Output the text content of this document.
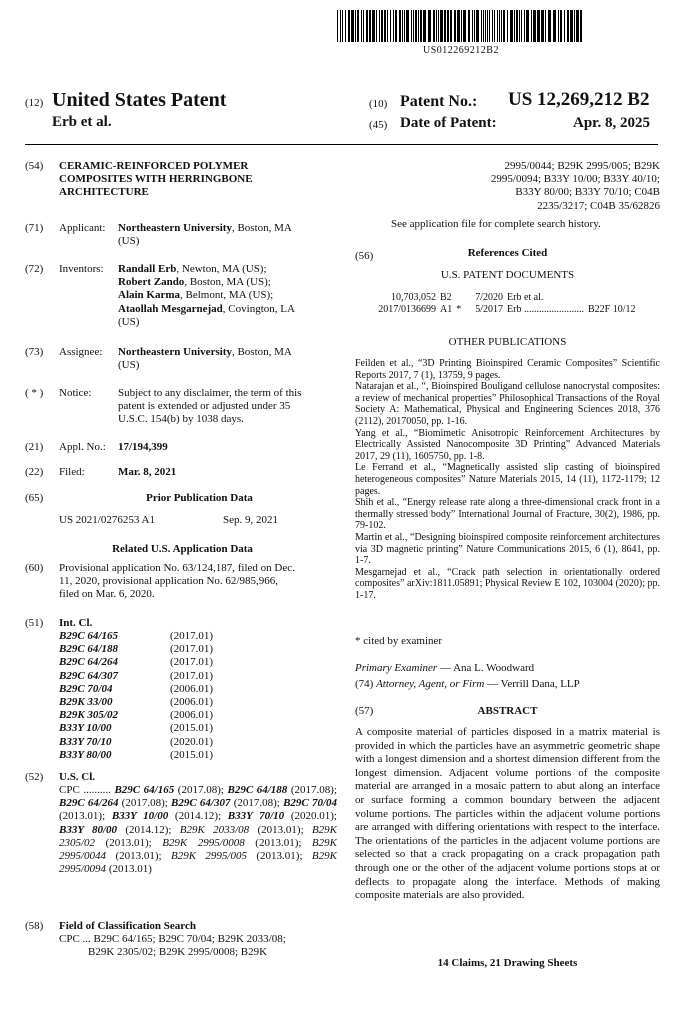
US012269212B2
(12) United States Patent
Erb et al.
(10) Patent No.: US 12,269,212 B2
(45) Date of Patent:	Apr. 8, 2025
(54) CERAMIC-REINFORCED POLYMER
COMPOSITES WITH HERRINGBONE
ARCHITECTURE
(71) Applicant: Northeastern University, Boston, MA
(US)
(72) Inventors: Randall Erb, Newton, MA (US);
Robert Zando, Boston, MA (US);
Alain Karma, Belmont, MA (US);
Ataollah Mesgarnejad, Covington, LA
(US)
(73) Assignee: Northeastern University, Boston, MA
(US)
( * ) Notice: Subject to any disclaimer, the term of this
patent is extended or adjusted under 35
U.S.C. 154(b) by 1038 days.
(21) Appl. No.: 17/194,399
(22) Filed:	Mar. 8, 2021
(65)	Prior Publication Data
US 2021/0276253 A1	Sep. 9, 2021
Related U.S. Application Data
(60) Provisional application No. 63/124,187, filed on Dec.
11, 2020, provisional application No. 62/985,966,
filed on Mar. 6, 2020.
(51) Int. Cl.
B29C 64/165	(2017.01)
B29C 64/188	(2017.01)
B29C 64/264	(2017.01)
B29C 64/307	(2017.01)
B29C 70/04	(2006.01)
B29K 33/00	(2006.01)
B29K 305/02	(2006.01)
B33Y 10/00	(2015.01)
B33Y 70/10	(2020.01)
B33Y 80/00	(2015.01)
(52) U.S. Cl.
CPC .......... B29C 64/165 (2017.08); B29C 64/188 (2017.08); B29C 64/264 (2017.08); B29C 64/307 (2017.08); B29C 70/04 (2013.01); B33Y 10/00 (2014.12); B33Y 70/10 (2020.01); B33Y 80/00 (2014.12); B29K 2033/08 (2013.01); B29K 2305/02 (2013.01); B29K 2995/0008 (2013.01); B29K 2995/0044 (2013.01); B29K 2995/005 (2013.01); B29K 2995/0094 (2013.01)
(58) Field of Classification Search
CPC ... B29C 64/165; B29C 70/04; B29K 2033/08;
B29K 2305/02; B29K 2995/0008; B29K
2995/0044; B29K 2995/005; B29K
2995/0094; B33Y 10/00; B33Y 40/10;
B33Y 80/00; B33Y 70/10; C04B
2235/3217; C04B 35/62826
See application file for complete search history.
(56)	References Cited
U.S. PATENT DOCUMENTS
10,703,052	B2		7/2020	Erb et al.	
2017/0136699	A1	*	5/2017	Erb ........................	B22F 10/12
OTHER PUBLICATIONS
Feilden et al., “3D Printing Bioinspired Ceramic Composites” Scientific Reports 2017, 7 (1), 13759, 9 pages.
Natarajan et al., “, Bioinspired Bouligand cellulose nanocrystal composites: a review of mechanical properties” Philosophical Transactions of the Royal Society A: Mathematical, Physical and Engineering Sciences 2018, 376 (2112), 20170050, pp. 1-16.
Yang et al., “Biomimetic Anisotropic Reinforcement Architectures by Electrically Assisted Nanocomposite 3D Printing” Advanced Materials 2017, 29 (11), 1605750, pp. 1-8.
Le Ferrand et al., “Magnetically assisted slip casting of bioinspired heterogeneous composites” Nature Materials 2015, 14 (11), 1172-1179; 12 pages.
Shih et al., “Energy release rate along a three-dimensional crack front in a thermally stressed body” International Journal of Fracture, 30(2), 1986, pp. 79-102.
Martin et al., “Designing bioinspired composite reinforcement architectures via 3D magnetic printing” Nature Communications 2015, 6 (1), 8641, pp. 1-7.
Mesgarnejad et al., “Crack path selection in orientationally ordered composites” arXiv:1811.05891; Physical Review E 102, 103004 (2020); pp. 1-17.
* cited by examiner
Primary Examiner — Ana L. Woodward
(74) Attorney, Agent, or Firm — Verrill Dana, LLP
(57)	ABSTRACT
A composite material of particles disposed in a matrix material is provided in which the particles have an asymmetric geometric shape with a longest dimension and a shortest dimension different from the longest dimension. Adjacent volume portions of the composite material are arranged in a mosaic pattern to abut along an interface or surface forming a common boundary between the adjacent volume portions. The particles within the adjacent volume portions are arranged with differing orientations with respect to the interface. The orientations of the particles in the adjacent volume portions are selected so that a crack propagating on a crack propagation path through one or the other of the adjacent volume portions stops at or deflects to propagate along the interface. Methods of making composite materials are also provided.
14 Claims, 21 Drawing Sheets
